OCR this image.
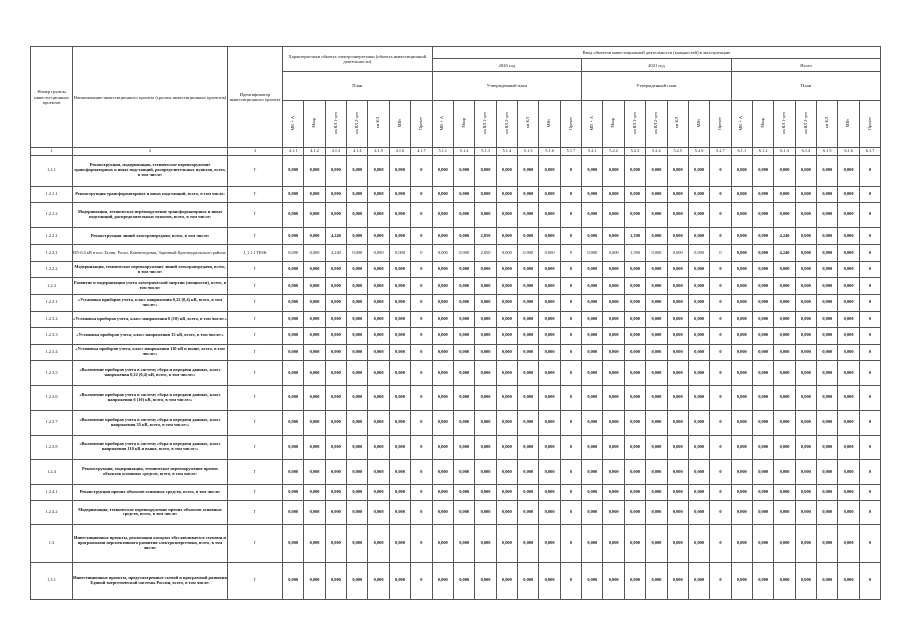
Номер группы инвести-ционных проектов	Наименование инвестиционного проекта (группы инвестиционных проектов)	Идентификатор инвестиционного проекта	Характеристики объекта электроэнергетики (объекта инвестиционной деятельности)							Ввод объектов инвестиционной деятельности (мощностей) в эксплуатацию																				
										2020 год							2021 год							Итого						
			План							Утвержденный план							Утвержденный план							План						
			МВ×А	Мвар	км ВЛ 1-цеп	км ВЛ 2-цеп	км КЛ	МВт	Прочее	МВ×А	Мвар	км ВЛ 1-цеп	км ВЛ 2-цеп	км КЛ	МВт	Прочее	МВ×А	Мвар	км ВЛ 1-цеп	км ВЛ 2-цеп	км КЛ	МВт	Прочее	МВ×А	Мвар	км ВЛ 1-цеп	км ВЛ 2-цеп	км КЛ	МВт	Прочее
1	2	3	4.1.1	4.1.2	4.1.3	4.1.4	4.1.5	4.1.6	4.1.7	5.1.1	5.1.2	5.1.3	5.1.4	5.1.5	5.1.6	5.1.7	5.2.1	5.2.2	5.2.3	5.2.4	5.2.5	5.2.6	5.2.7	6.1.1	6.1.2	6.1.3	6.1.4	6.1.5	6.1.6	6.1.7
1.2.1	Реконструкция, модернизация, техническое перевооружение трансформаторных и иных подстанций, распределительных пунктов, всего, в том числе:	Г	0,000	0,000	0,000	0,000	0,000	0,000	0	0,000	0,000	0,000	0,000	0,000	0,000	0	0,000	0,000	0,000	0,000	0,000	0,000	0	0,000	0,000	0,000	0,000	0,000	0,000	0
1.2.1.1	Реконструкция трансформаторных и иных подстанций, всего, в том числе:	Г	0,000	0,000	0,000	0,000	0,000	0,000	0	0,000	0,000	0,000	0,000	0,000	0,000	0	0,000	0,000	0,000	0,000	0,000	0,000	0	0,000	0,000	0,000	0,000	0,000	0,000	0
1.2.1.2	Модернизация, техническое перевооружение трансформаторных и иных подстанций, распределительных пунктов, всего, в том числе:	Г	0,000	0,000	0,000	0,000	0,000	0,000	0	0,000	0,000	0,000	0,000	0,000	0,000	0	0,000	0,000	0,000	0,000	0,000	0,000	0	0,000	0,000	0,000	0,000	0,000	0,000	0
1.2.2.1	Реконструкция линий электропередачи, всего, в том числе:	Г	0,000	0,000	4,240	0,000	0,000	0,000	0	0,000	0,000	2,850	0,000	0,000	0,000	0	0,000	0,000	1,390	0,000	0,000	0,000	0	0,000	0,000	4,240	0,000	0,000	0,000	0
1.2.2.1	ВЛ-0,4 кВ в пос.Талин, Роскт, Камнеледовая, Заречный Красноуральского района	J_1.1.1TESK	0,000	0,000	4,240	0,000	0,000	0,000	0	0,000	0,000	2,850	0,000	0,000	0,000	0	0,000	0,000	1,390	0,000	0,000	0,000	0	0,000	0,000	4,240	0,000	0,000	0,000	0
1.2.2.2	Модернизация, техническое перевооружение линий электропередачи, всего, в том числе:	Г	0,000	0,000	0,000	0,000	0,000	0,000	0	0,000	0,000	0,000	0,000	0,000	0,000	0	0,000	0,000	0,000	0,000	0,000	0,000	0	0,000	0,000	0,000	0,000	0,000	0,000	0
1.2.3	Развитие и модернизация учета электрической энергии (мощности), всего, в том числе:	Г	0,000	0,000	0,000	0,000	0,000	0,000	0	0,000	0,000	0,000	0,000	0,000	0,000	0	0,000	0,000	0,000	0,000	0,000	0,000	0	0,000	0,000	0,000	0,000	0,000	0,000	0
1.2.3.1	«Установка приборов учета, класс напряжения 0,22 (0,4) кВ, всего, в том числе:»	Г	0,000	0,000	0,000	0,000	0,000	0,000	0	0,000	0,000	0,000	0,000	0,000	0,000	0	0,000	0,000	0,000	0,000	0,000	0,000	0	0,000	0,000	0,000	0,000	0,000	0,000	0
1.2.3.2	«Установка приборов учета, класс напряжения 6 (10) кВ, всего, в том числе:»	Г	0,000	0,000	0,000	0,000	0,000	0,000	0	0,000	0,000	0,000	0,000	0,000	0,000	0	0,000	0,000	0,000	0,000	0,000	0,000	0	0,000	0,000	0,000	0,000	0,000	0,000	0
1.2.3.3	«Установка приборов учета, класс напряжения 35 кВ, всего, в том числе:»	Г	0,000	0,000	0,000	0,000	0,000	0,000	0	0,000	0,000	0,000	0,000	0,000	0,000	0	0,000	0,000	0,000	0,000	0,000	0,000	0	0,000	0,000	0,000	0,000	0,000	0,000	0
1.2.3.4	«Установка приборов учета, класс напряжения 110 кВ и выше, всего, в том числе:»	Г	0,000	0,000	0,000	0,000	0,000	0,000	0	0,000	0,000	0,000	0,000	0,000	0,000	0	0,000	0,000	0,000	0,000	0,000	0,000	0	0,000	0,000	0,000	0,000	0,000	0,000	0
1.2.3.5	«Включение приборов учета в систему сбора и передачи данных, класс напряжения 0,22 (0,4) кВ, всего, в том числе:»	Г	0,000	0,000	0,000	0,000	0,000	0,000	0	0,000	0,000	0,000	0,000	0,000	0,000	0	0,000	0,000	0,000	0,000	0,000	0,000	0	0,000	0,000	0,000	0,000	0,000	0,000	0
1.2.3.6	«Включение приборов учета в систему сбора и передачи данных, класс напряжения 6 (10) кВ, всего, в том числе:»	Г	0,000	0,000	0,000	0,000	0,000	0,000	0	0,000	0,000	0,000	0,000	0,000	0,000	0	0,000	0,000	0,000	0,000	0,000	0,000	0	0,000	0,000	0,000	0,000	0,000	0,000	0
1.2.3.7	«Включение приборов учета в систему сбора и передачи данных, класс напряжения 35 кВ, всего, в том числе:»	Г	0,000	0,000	0,000	0,000	0,000	0,000	0	0,000	0,000	0,000	0,000	0,000	0,000	0	0,000	0,000	0,000	0,000	0,000	0,000	0	0,000	0,000	0,000	0,000	0,000	0,000	0
1.2.3.8	«Включение приборов учета в систему сбора и передачи данных, класс напряжения 110 кВ и выше, всего, в том числе:»	Г	0,000	0,000	0,000	0,000	0,000	0,000	0	0,000	0,000	0,000	0,000	0,000	0,000	0	0,000	0,000	0,000	0,000	0,000	0,000	0	0,000	0,000	0,000	0,000	0,000	0,000	0
1.2.4	Реконструкция, модернизация, техническое перевооружение прочих объектов основных средств, всего, в том числе:	Г	0,000	0,000	0,000	0,000	0,000	0,000	0	0,000	0,000	0,000	0,000	0,000	0,000	0	0,000	0,000	0,000	0,000	0,000	0,000	0	0,000	0,000	0,000	0,000	0,000	0,000	0
1.2.4.1	Реконструкция прочих объектов основных средств, всего, в том числе:	Г	0,000	0,000	0,000	0,000	0,000	0,000	0	0,000	0,000	0,000	0,000	0,000	0,000	0	0,000	0,000	0,000	0,000	0,000	0,000	0	0,000	0,000	0,000	0,000	0,000	0,000	0
1.2.4.2	Модернизация, техническое перевооружение прочих объектов основных средств, всего, в том числе:	Г	0,000	0,000	0,000	0,000	0,000	0,000	0	0,000	0,000	0,000	0,000	0,000	0,000	0	0,000	0,000	0,000	0,000	0,000	0,000	0	0,000	0,000	0,000	0,000	0,000	0,000	0
1.3	Инвестиционные проекты, реализация которых обуславливается схемами и программами перспективного развития электроэнергетики, всего, в том числе:	Г	0,000	0,000	0,000	0,000	0,000	0,000	0	0,000	0,000	0,000	0,000	0,000	0,000	0	0,000	0,000	0,000	0,000	0,000	0,000	0	0,000	0,000	0,000	0,000	0,000	0,000	0
1.3.1	Инвестиционные проекты, предусмотренные схемой и программой развития Единой энергетической системы России, всего, в том числе:	Г	0,000	0,000	0,000	0,000	0,000	0,000	0	0,000	0,000	0,000	0,000	0,000	0,000	0	0,000	0,000	0,000	0,000	0,000	0,000	0	0,000	0,000	0,000	0,000	0,000	0,000	0
